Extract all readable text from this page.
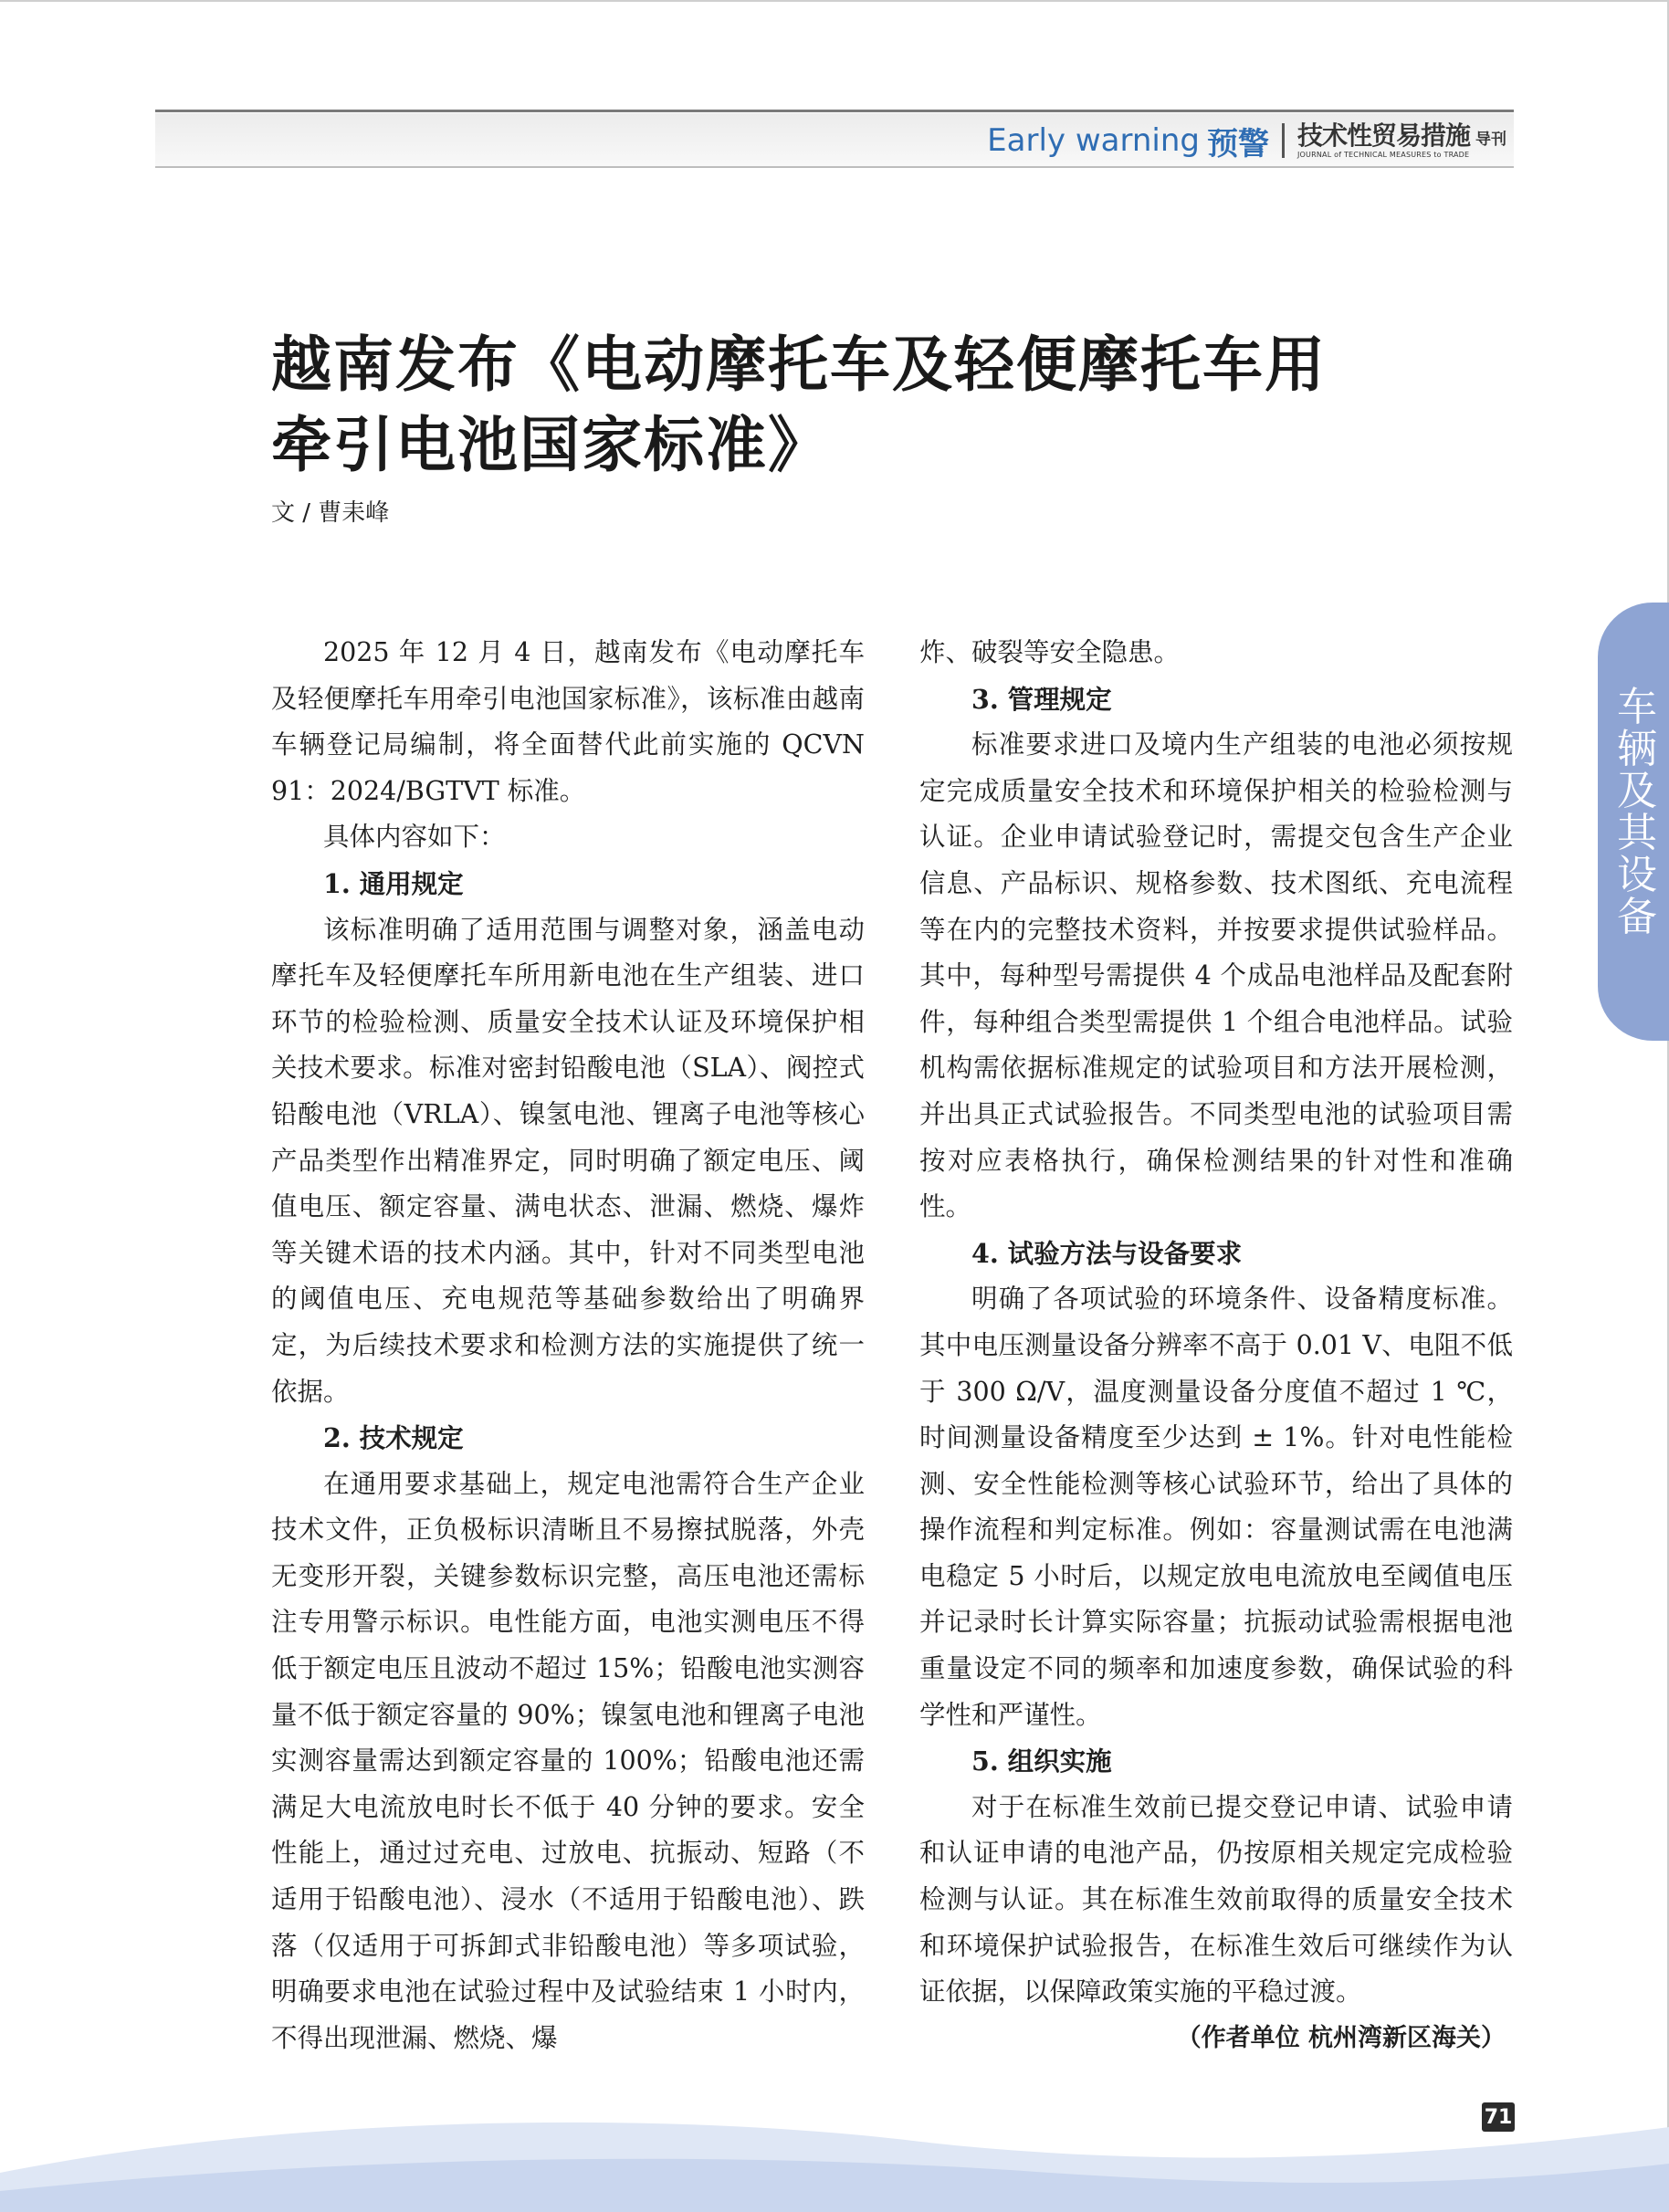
Early warning 预警 技术性贸易措施 导刊
JOURNAL of TECHNICAL MEASURES to TRADE
越南发布《电动摩托车及轻便摩托车用
牵引电池国家标准》
文 / 曹耒峰

2025 年 12 月 4 日，越南发布《电动摩托车及轻便摩托车用牵引电池国家标准》，该标准由越南车辆登记局编制，将全面替代此前实施的 QCVN 91：2024/BGTVT 标准。

具体内容如下：

1. 通用规定

该标准明确了适用范围与调整对象，涵盖电动摩托车及轻便摩托车所用新电池在生产组装、进口环节的检验检测、质量安全技术认证及环境保护相关技术要求。标准对密封铅酸电池（SLA）、阀控式铅酸电池（VRLA）、镍氢电池、锂离子电池等核心产品类型作出精准界定，同时明确了额定电压、阈值电压、额定容量、满电状态、泄漏、燃烧、爆炸等关键术语的技术内涵。其中，针对不同类型电池的阈值电压、充电规范等基础参数给出了明确界定，为后续技术要求和检测方法的实施提供了统一依据。

2. 技术规定

在通用要求基础上，规定电池需符合生产企业技术文件，正负极标识清晰且不易擦拭脱落，外壳无变形开裂，关键参数标识完整，高压电池还需标注专用警示标识。电性能方面，电池实测电压不得低于额定电压且波动不超过 15%；铅酸电池实测容量不低于额定容量的 90%；镍氢电池和锂离子电池实测容量需达到额定容量的 100%；铅酸电池还需满足大电流放电时长不低于 40 分钟的要求。安全性能上，通过过充电、过放电、抗振动、短路（不适用于铅酸电池）、浸水（不适用于铅酸电池）、跌落（仅适用于可拆卸式非铅酸电池）等多项试验，明确要求电池在试验过程中及试验结束 1 小时内，不得出现泄漏、燃烧、爆

炸、破裂等安全隐患。

3. 管理规定

标准要求进口及境内生产组装的电池必须按规定完成质量安全技术和环境保护相关的检验检测与认证。企业申请试验登记时，需提交包含生产企业信息、产品标识、规格参数、技术图纸、充电流程等在内的完整技术资料，并按要求提供试验样品。其中，每种型号需提供 4 个成品电池样品及配套附件，每种组合类型需提供 1 个组合电池样品。试验机构需依据标准规定的试验项目和方法开展检测，并出具正式试验报告。不同类型电池的试验项目需按对应表格执行，确保检测结果的针对性和准确性。

4. 试验方法与设备要求

明确了各项试验的环境条件、设备精度标准。其中电压测量设备分辨率不高于 0.01 V、电阻不低于 300 Ω/V，温度测量设备分度值不超过 1 ℃，时间测量设备精度至少达到 ± 1%。针对电性能检测、安全性能检测等核心试验环节，给出了具体的操作流程和判定标准。例如：容量测试需在电池满电稳定 5 小时后，以规定放电电流放电至阈值电压并记录时长计算实际容量；抗振动试验需根据电池重量设定不同的频率和加速度参数，确保试验的科学性和严谨性。

5. 组织实施

对于在标准生效前已提交登记申请、试验申请和认证申请的电池产品，仍按原相关规定完成检验检测与认证。其在标准生效前取得的质量安全技术和环境保护试验报告，在标准生效后可继续作为认证依据，以保障政策实施的平稳过渡。

（作者单位 杭州湾新区海关）

车
辆
及
其
设
备
71
